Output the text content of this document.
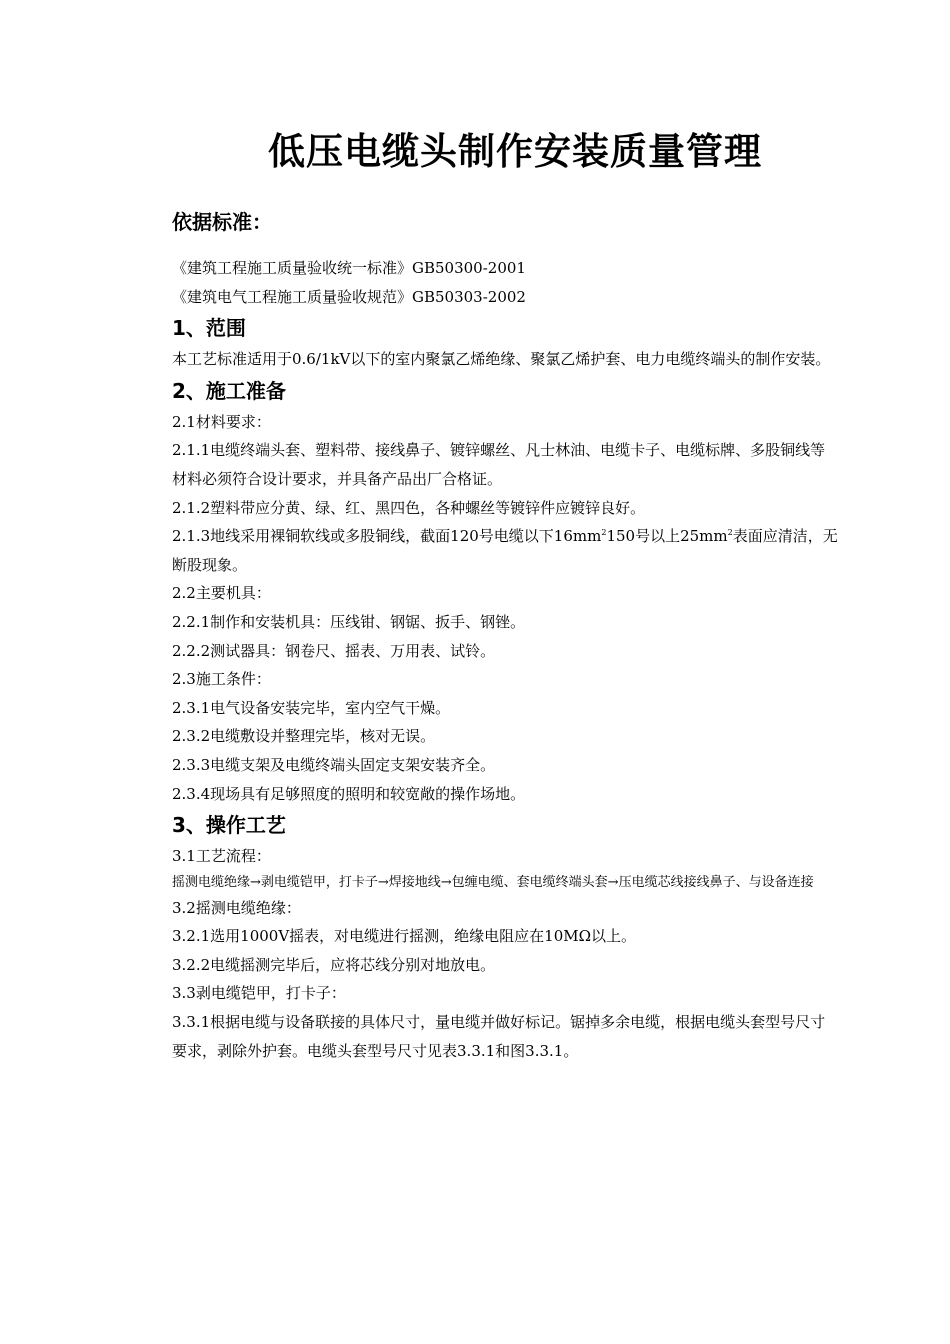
低压电缆头制作安装质量管理
依据标准：

《建筑工程施工质量验收统一标准》GB50300-2001

《建筑电气工程施工质量验收规范》GB50303-2002

1、范围

本工艺标准适用于0.6/1kV以下的室内聚氯乙烯绝缘、聚氯乙烯护套、电力电缆终端头的制作安装。

2、施工准备

2.1材料要求：

2.1.1电缆终端头套、塑料带、接线鼻子、镀锌螺丝、凡士林油、电缆卡子、电缆标牌、多股铜线等材料必须符合设计要求，并具备产品出厂合格证。

2.1.2塑料带应分黄、绿、红、黑四色，各种螺丝等镀锌件应镀锌良好。

2.1.3地线采用裸铜软线或多股铜线，截面120号电缆以下$16mm^2150$号以上$25mm^2$表面应清洁，无断股现象。

2.2主要机具：

2.2.1制作和安装机具：压线钳、钢锯、扳手、钢锉。

2.2.2测试器具：钢卷尺、摇表、万用表、试铃。

2.3施工条件：

2.3.1电气设备安装完毕，室内空气干燥。

2.3.2电缆敷设并整理完毕，核对无误。

2.3.3电缆支架及电缆终端头固定支架安装齐全。

2.3.4现场具有足够照度的照明和较宽敞的操作场地。

3、操作工艺

3.1工艺流程：

摇测电缆绝缘→剥电缆铠甲，打卡子→焊接地线→包缠电缆、套电缆终端头套→压电缆芯线接线鼻子、与设备连接

3.2摇测电缆绝缘：

3.2.1选用1000V摇表，对电缆进行摇测，绝缘电阻应在10MΩ以上。

3.2.2电缆摇测完毕后，应将芯线分别对地放电。

3.3剥电缆铠甲，打卡子：

3.3.1根据电缆与设备联接的具体尺寸，量电缆并做好标记。锯掉多余电缆，根据电缆头套型号尺寸要求，剥除外护套。电缆头套型号尺寸见表3.3.1和图3.3.1。
